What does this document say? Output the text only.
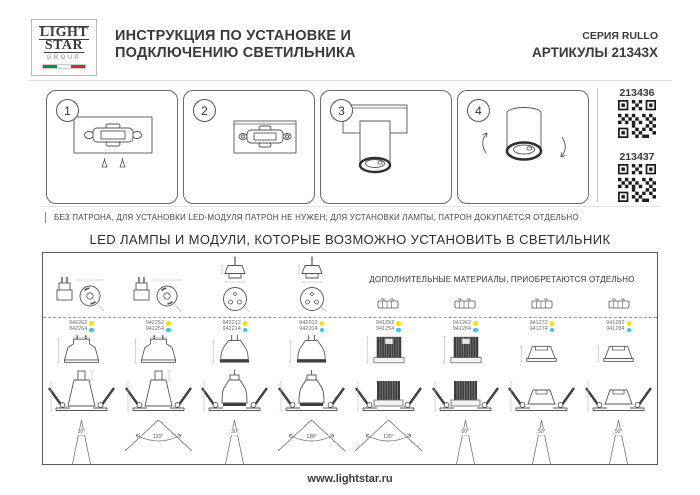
LIGHT
STAR
GROUP
ИНСТРУКЦИЯ ПО УСТАНОВКЕ И
ПОДКЛЮЧЕНИЮ СВЕТИЛЬНИКА
СЕРИЯ RULLO
АРТИКУЛЫ 21343X
1	2	3	4
213436
213437
БЕЗ ПАТРОНА, ДЛЯ УСТАНОВКИ LED-МОДУЛЯ ПАТРОН НЕ НУЖЕН; ДЛЯ УСТАНОВКИ ЛАМПЫ, ПАТРОН ДОКУПАЕТСЯ ОТДЕЛЬНО
LED ЛАМПЫ И МОДУЛИ, КОТОРЫЕ ВОЗМОЖНО УСТАНОВИТЬ В СВЕТИЛЬНИК
ДОПОЛНИТЕЛЬНЫЕ МАТЕРИАЛЫ, ПРИОБРЕТАЮТСЯ ОТДЕЛЬНО
942262
942264
30°
942252
942254
120°
942212
942214
30°
942202
942204
120°
941252
941254
120°
941262
941264
50°
941272
941274
50°
941282
941284
50°
www.lightstar.ru
